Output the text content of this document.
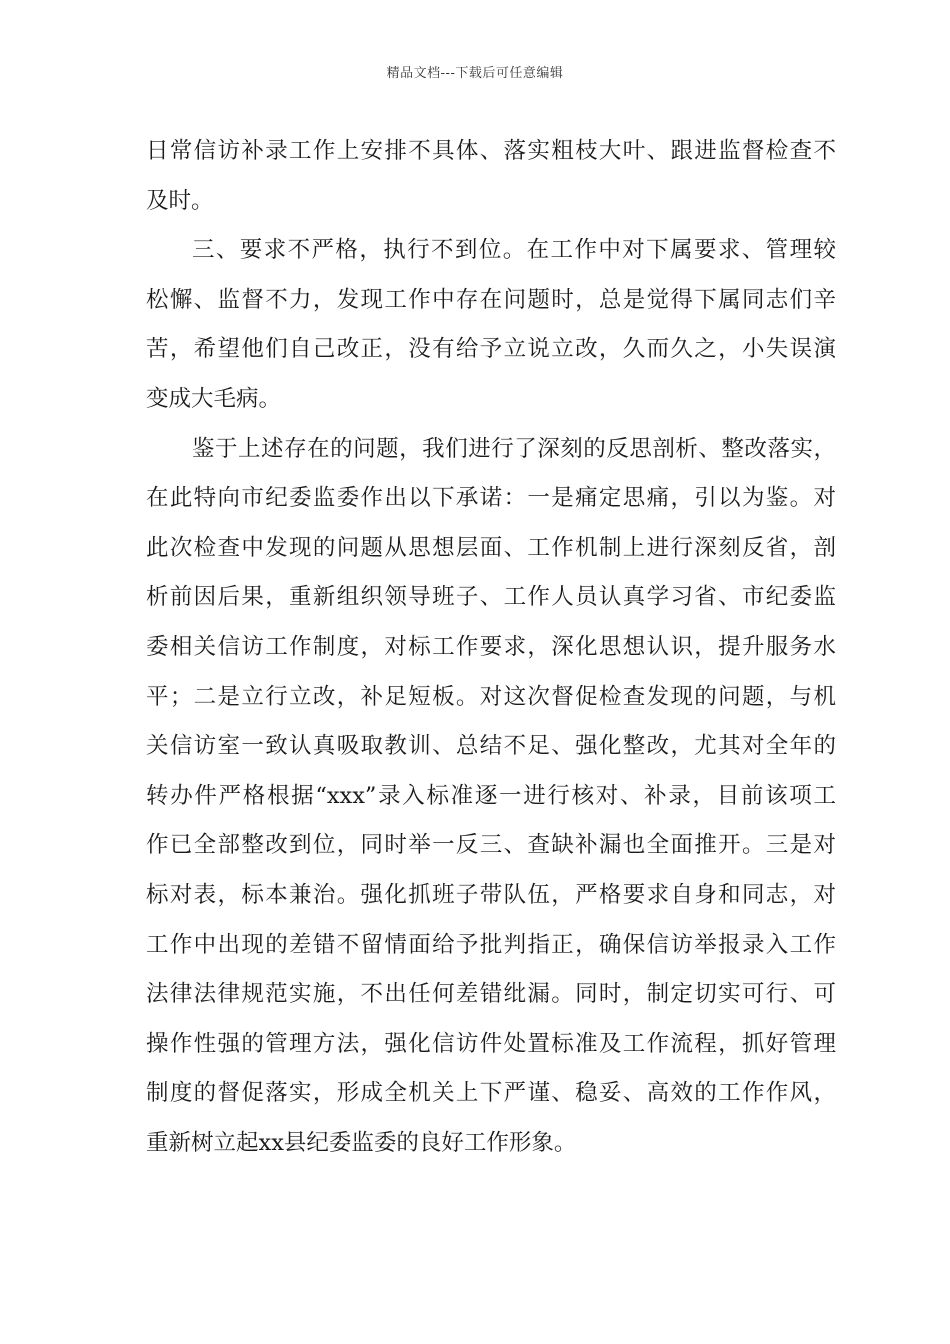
精品文档---下载后可任意编辑
日常信访补录工作上安排不具体、落实粗枝大叶、跟进监督检查不
及时。
三、要求不严格，执行不到位。在工作中对下属要求、管理较
松懈、监督不力，发现工作中存在问题时，总是觉得下属同志们辛
苦，希望他们自己改正，没有给予立说立改，久而久之，小失误演
变成大毛病。
鉴于上述存在的问题，我们进行了深刻的反思剖析、整改落实，
在此特向市纪委监委作出以下承诺：一是痛定思痛，引以为鉴。对
此次检查中发现的问题从思想层面、工作机制上进行深刻反省，剖
析前因后果，重新组织领导班子、工作人员认真学习省、市纪委监
委相关信访工作制度，对标工作要求，深化思想认识，提升服务水
平；二是立行立改，补足短板。对这次督促检查发现的问题，与机
关信访室一致认真吸取教训、总结不足、强化整改，尤其对全年的
转办件严格根据“xxx”录入标准逐一进行核对、补录，目前该项工
作已全部整改到位，同时举一反三、查缺补漏也全面推开。三是对
标对表，标本兼治。强化抓班子带队伍，严格要求自身和同志，对
工作中出现的差错不留情面给予批判指正，确保信访举报录入工作
法律法律规范实施，不出任何差错纰漏。同时，制定切实可行、可
操作性强的管理方法，强化信访件处置标准及工作流程，抓好管理
制度的督促落实，形成全机关上下严谨、稳妥、高效的工作作风，
重新树立起xx县纪委监委的良好工作形象。
